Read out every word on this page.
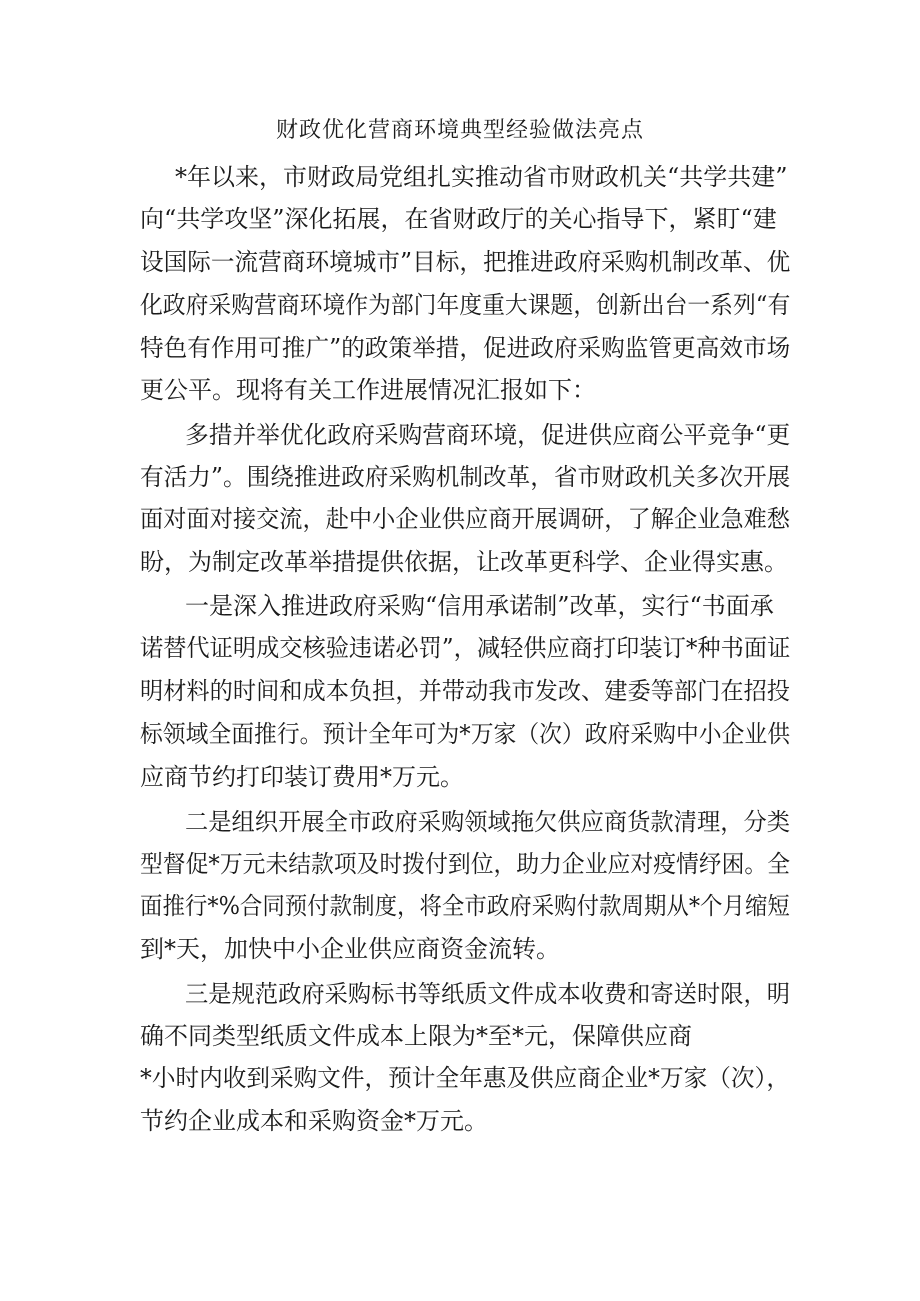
财政优化营商环境典型经验做法亮点
*年以来，市财政局党组扎实推动省市财政机关“共学共建”
向“共学攻坚”深化拓展，在省财政厅的关心指导下，紧盯“建
设国际一流营商环境城市”目标，把推进政府采购机制改革、优
化政府采购营商环境作为部门年度重大课题，创新出台一系列“有
特色有作用可推广”的政策举措，促进政府采购监管更高效市场
更公平。现将有关工作进展情况汇报如下：
多措并举优化政府采购营商环境，促进供应商公平竞争“更
有活力”。围绕推进政府采购机制改革，省市财政机关多次开展
面对面对接交流，赴中小企业供应商开展调研，了解企业急难愁
盼，为制定改革举措提供依据，让改革更科学、企业得实惠。
一是深入推进政府采购“信用承诺制”改革，实行“书面承
诺替代证明成交核验违诺必罚”，减轻供应商打印装订*种书面证
明材料的时间和成本负担，并带动我市发改、建委等部门在招投
标领域全面推行。预计全年可为*万家（次）政府采购中小企业供
应商节约打印装订费用*万元。
二是组织开展全市政府采购领域拖欠供应商货款清理，分类
型督促*万元未结款项及时拨付到位，助力企业应对疫情纾困。全
面推行*%合同预付款制度，将全市政府采购付款周期从*个月缩短
到*天，加快中小企业供应商资金流转。
三是规范政府采购标书等纸质文件成本收费和寄送时限，明
确不同类型纸质文件成本上限为*至*元，保障供应商
*小时内收到采购文件，预计全年惠及供应商企业*万家（次），
节约企业成本和采购资金*万元。
